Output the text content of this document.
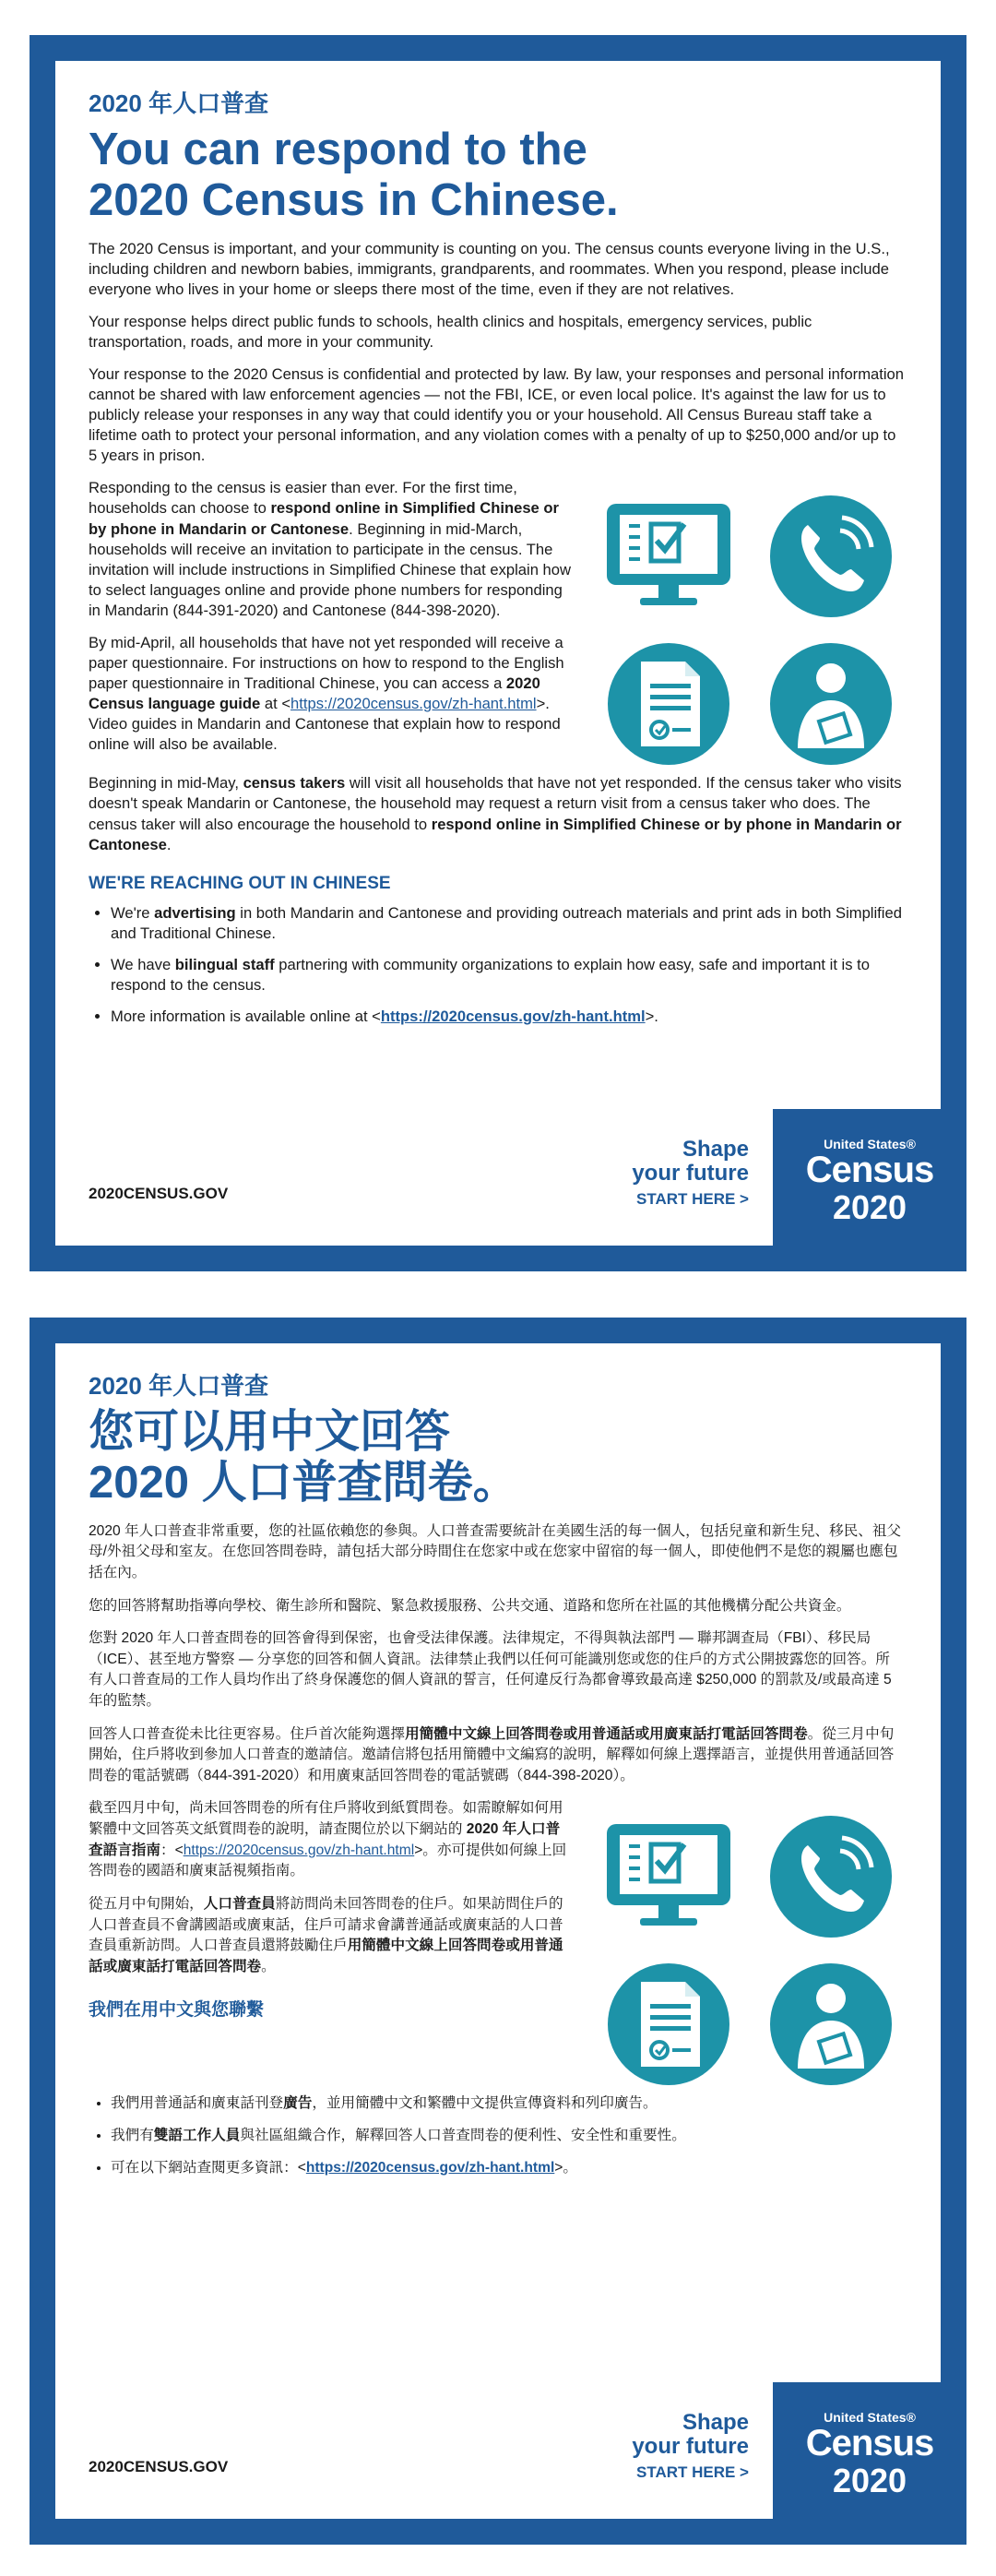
2020 年人口普查
You can respond to the
2020 Census in Chinese.

The 2020 Census is important, and your community is counting on you. The census counts everyone living in the U.S., including children and newborn babies, immigrants, grandparents, and roommates. When you respond, please include everyone who lives in your home or sleeps there most of the time, even if they are not relatives.

Your response helps direct public funds to schools, health clinics and hospitals, emergency services, public transportation, roads, and more in your community.

Your response to the 2020 Census is confidential and protected by law. By law, your responses and personal information cannot be shared with law enforcement agencies — not the FBI, ICE, or even local police. It's against the law for us to publicly release your responses in any way that could identify you or your household. All Census Bureau staff take a lifetime oath to protect your personal information, and any violation comes with a penalty of up to $250,000 and/or up to 5 years in prison.

Responding to the census is easier than ever. For the first time, households can choose to respond online in Simplified Chinese or by phone in Mandarin or Cantonese. Beginning in mid-March, households will receive an invitation to participate in the census. The invitation will include instructions in Simplified Chinese that explain how to select languages online and provide phone numbers for responding in Mandarin (844-391-2020) and Cantonese (844-398-2020).

By mid-April, all households that have not yet responded will receive a paper questionnaire. For instructions on how to respond to the English paper questionnaire in Traditional Chinese, you can access a 2020 Census language guide at <https://2020census.gov/zh-hant.html>. Video guides in Mandarin and Cantonese that explain how to respond online will also be available.

Beginning in mid-May, census takers will visit all households that have not yet responded. If the census taker who visits doesn't speak Mandarin or Cantonese, the household may request a return visit from a census taker who does. The census taker will also encourage the household to respond online in Simplified Chinese or by phone in Mandarin or Cantonese.

WE'RE REACHING OUT IN CHINESE
• We're advertising in both Mandarin and Cantonese and providing outreach materials and print ads in both Simplified and Traditional Chinese.
• We have bilingual staff partnering with community organizations to explain how easy, safe and important it is to respond to the census.
• More information is available online at <https://2020census.gov/zh-hant.html>.
2020CENSUS.GOV
Shape
your future
START HERE >
United States®
Census
2020
2020 年人口普查
您可以用中文回答
2020 人口普查問卷。

2020 年人口普查非常重要，您的社區依賴您的參與。人口普查需要統計在美國生活的每一個人，包括兒童和新生兒、移民、祖父母/外祖父母和室友。在您回答問卷時，請包括大部分時間住在您家中或在您家中留宿的每一個人，即使他們不是您的親屬也應包括在內。

您的回答將幫助指導向學校、衛生診所和醫院、緊急救援服務、公共交通、道路和您所在社區的其他機構分配公共資金。

您對 2020 年人口普查問卷的回答會得到保密，也會受法律保護。法律規定，不得與執法部門 — 聯邦調查局（FBI）、移民局（ICE）、甚至地方警察 — 分享您的回答和個人資訊。法律禁止我們以任何可能識別您或您的住戶的方式公開披露您的回答。所有人口普查局的工作人員均作出了終身保護您的個人資訊的誓言，任何違反行為都會導致最高達 $250,000 的罰款及/或最高達 5 年的監禁。

回答人口普查從未比往更容易。住戶首次能夠選擇用簡體中文線上回答問卷或用普通話或用廣東話打電話回答問卷。從三月中旬開始，住戶將收到參加人口普查的邀請信。邀請信將包括用簡體中文編寫的說明，解釋如何線上選擇語言，並提供用普通話回答問卷的電話號碼（844-391-2020）和用廣東話回答問卷的電話號碼（844-398-2020）。

截至四月中旬，尚未回答問卷的所有住戶將收到紙質問卷。如需瞭解如何用繁體中文回答英文紙質問卷的說明，請查閱位於以下網站的 2020 年人口普查語言指南：<https://2020census.gov/zh-hant.html>。亦可提供如何線上回答問卷的國語和廣東話視頻指南。

從五月中旬開始，人口普查員將訪問尚未回答問卷的住戶。如果訪問住戶的人口普查員不會講國語或廣東話，住戶可請求會講普通話或廣東話的人口普查員重新訪問。人口普查員還將鼓勵住戶用簡體中文線上回答問卷或用普通話或廣東話打電話回答問卷。

我們在用中文與您聯繫
• 我們用普通話和廣東話刊登廣告，並用簡體中文和繁體中文提供宣傳資料和列印廣告。
• 我們有雙語工作人員與社區組織合作，解釋回答人口普查問卷的便利性、安全性和重要性。
• 可在以下網站查閱更多資訊：<https://2020census.gov/zh-hant.html>。
2020CENSUS.GOV
Shape
your future
START HERE >
United States®
Census
2020
